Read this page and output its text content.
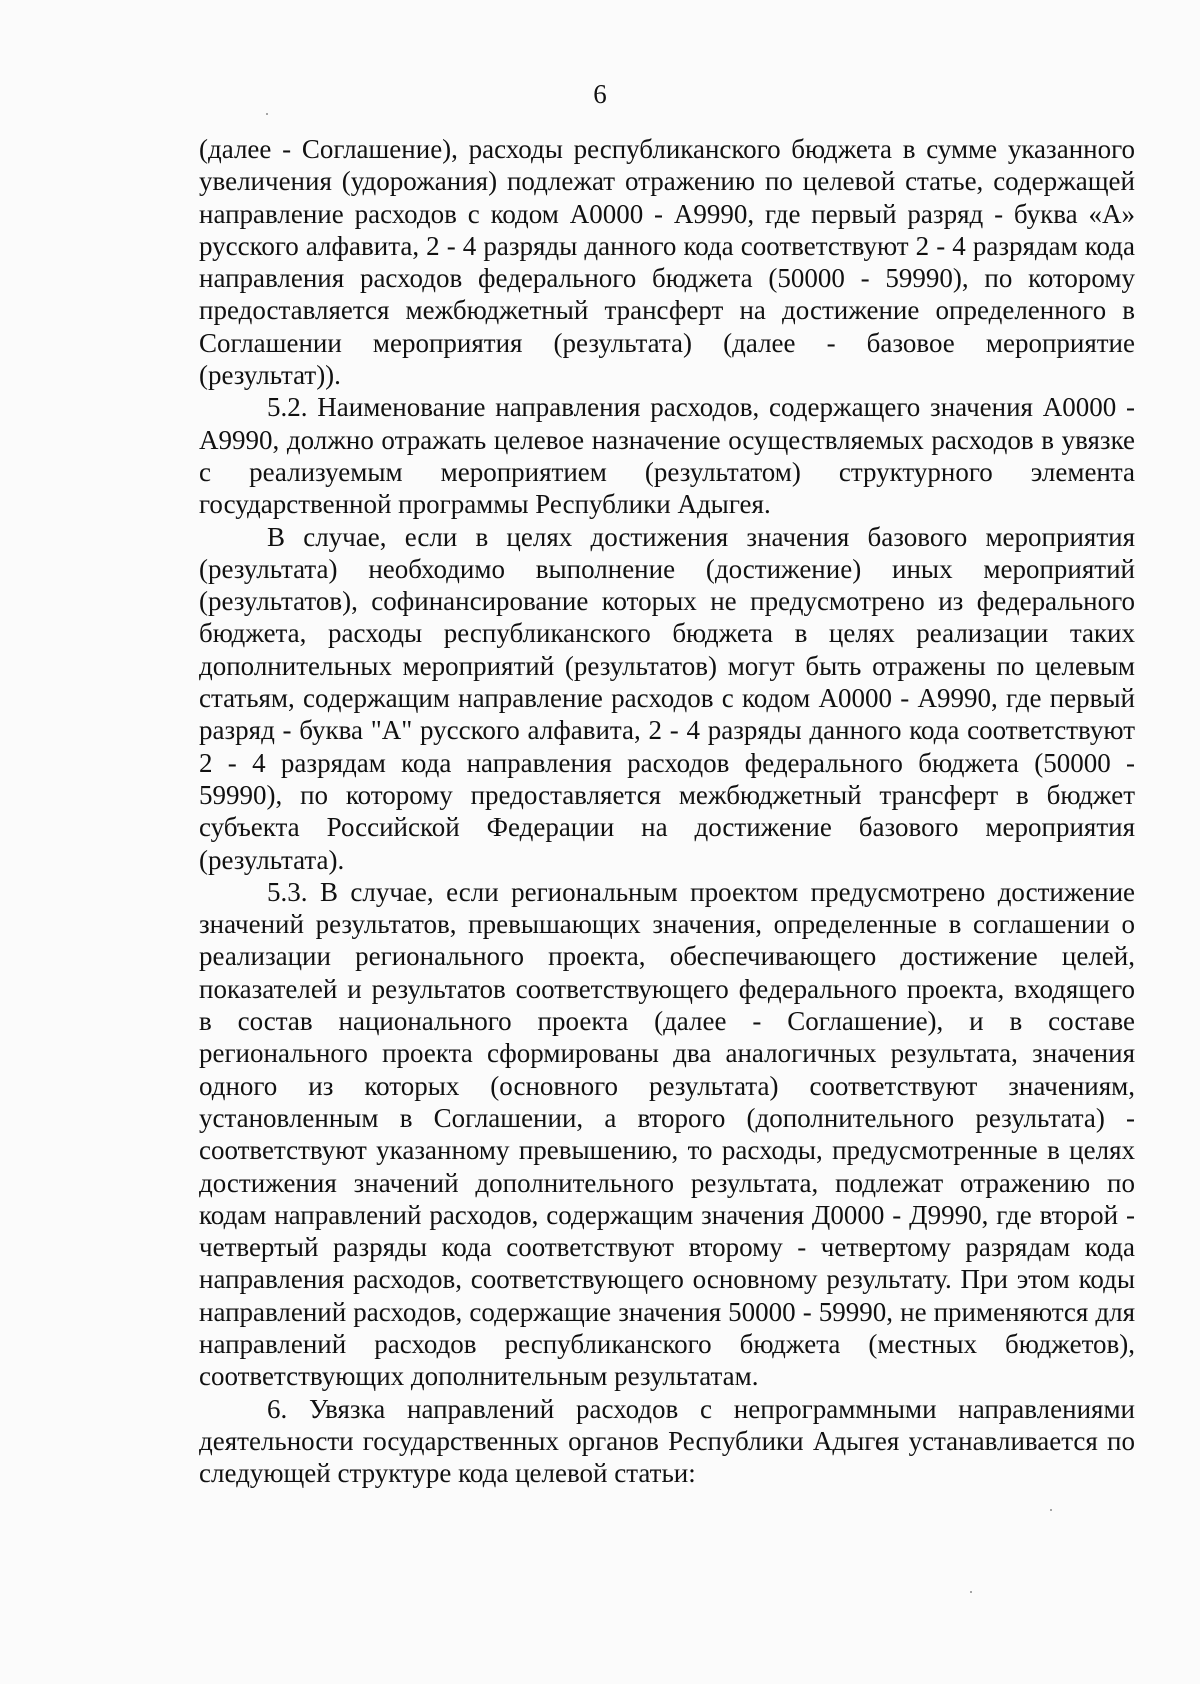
6

(далее - Соглашение), расходы республиканского бюджета в сумме указанного увеличения (удорожания) подлежат отражению по целевой статье, содержащей направление расходов с кодом А0000 - А9990, где первый разряд - буква «А» русского алфавита, 2 - 4 разряды данного кода соответствуют 2 - 4 разрядам кода направления расходов федерального бюджета (50000 - 59990), по которому предоставляется межбюджетный трансферт на достижение определенного в Соглашении мероприятия (результата) (далее - базовое мероприятие (результат)).

5.2. Наименование направления расходов, содержащего значения А0000 - А9990, должно отражать целевое назначение осуществляемых расходов в увязке с реализуемым мероприятием (результатом) структурного элемента государственной программы Республики Адыгея.

В случае, если в целях достижения значения базового мероприятия (результата) необходимо выполнение (достижение) иных мероприятий (результатов), софинансирование которых не предусмотрено из федерального бюджета, расходы республиканского бюджета в целях реализации таких дополнительных мероприятий (результатов) могут быть отражены по целевым статьям, содержащим направление расходов с кодом А0000 - А9990, где первый разряд - буква "А" русского алфавита, 2 - 4 разряды данного кода соответствуют 2 - 4 разрядам кода направления расходов федерального бюджета (50000 - 59990), по которому предоставляется межбюджетный трансферт в бюджет субъекта Российской Федерации на достижение базового мероприятия (результата).

5.3. В случае, если региональным проектом предусмотрено достижение значений результатов, превышающих значения, определенные в соглашении о реализации регионального проекта, обеспечивающего достижение целей, показателей и результатов соответствующего федерального проекта, входящего в состав национального проекта (далее - Соглашение), и в составе регионального проекта сформированы два аналогичных результата, значения одного из которых (основного результата) соответствуют значениям, установленным в Соглашении, а второго (дополнительного результата) - соответствуют указанному превышению, то расходы, предусмотренные в целях достижения значений дополнительного результата, подлежат отражению по кодам направлений расходов, содержащим значения Д0000 - Д9990, где второй - четвертый разряды кода соответствуют второму - четвертому разрядам кода направления расходов, соответствующего основному результату. При этом коды направлений расходов, содержащие значения 50000 - 59990, не применяются для направлений расходов республиканского бюджета (местных бюджетов), соответствующих дополнительным результатам.

6. Увязка направлений расходов с непрограммными направлениями деятельности государственных органов Республики Адыгея устанавливается по следующей структуре кода целевой статьи:
